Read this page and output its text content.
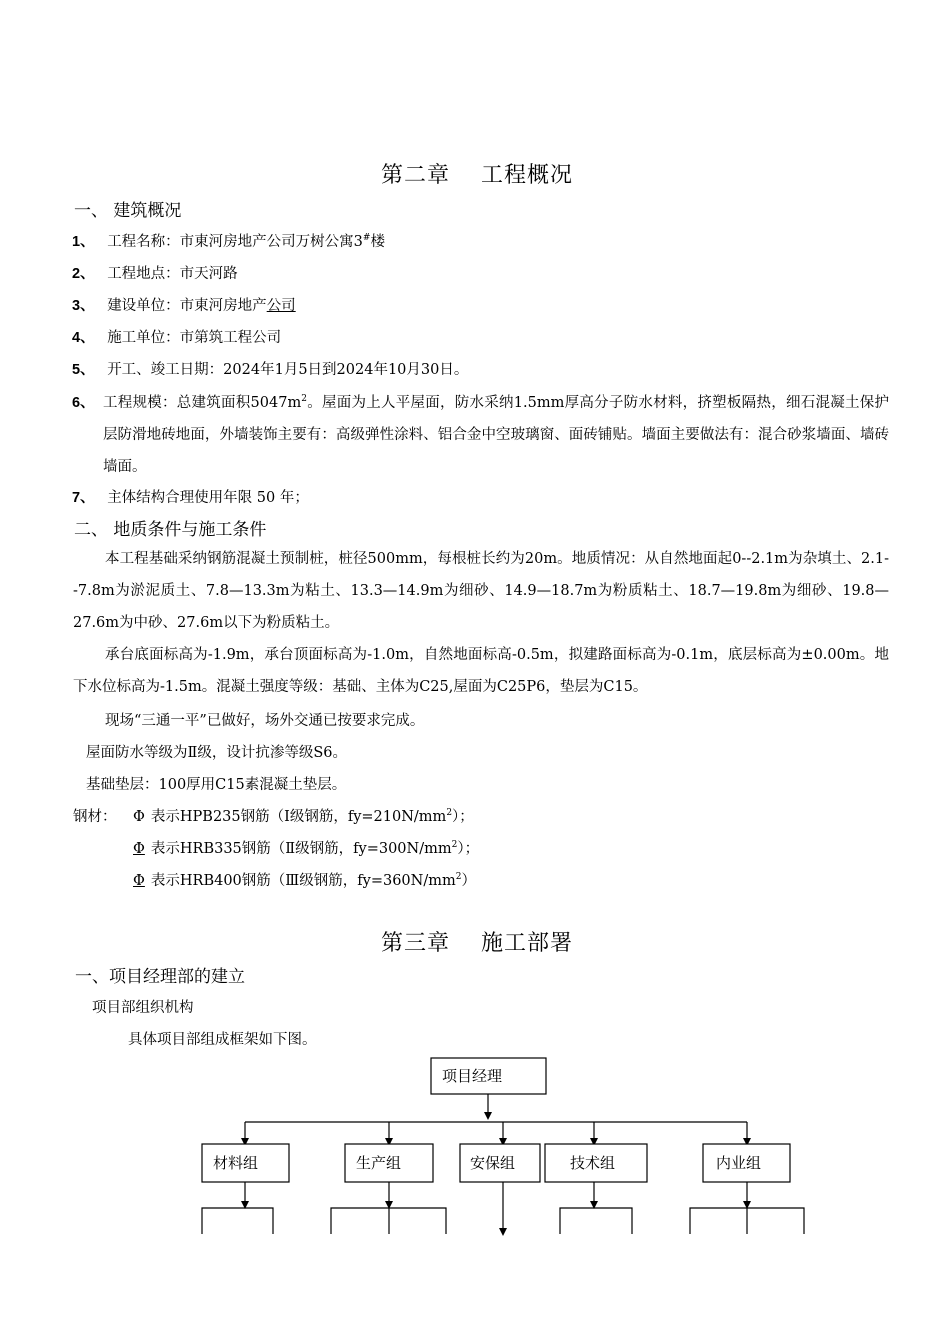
第二章　 工程概况
一、 建筑概况
1、 工程名称：市東河房地产公司万树公寓3#楼
2、 工程地点：市天河路
3、 建设单位：市東河房地产公司
4、 施工单位：市第筑工程公司
5、 开工、竣工日期：2024年1月5日到2024年10月30日。
6、 工程规模：总建筑面积$5047m^2$。屋面为上人平屋面，防水采纳1.5mm厚高分子防水材料，挤塑板隔热，细石混凝土保护层防滑地砖地面，外墙装饰主要有：高级弹性涂料、铝合金中空玻璃窗、面砖铺贴。墙面主要做法有：混合砂浆墙面、墙砖墙面。
7、 主体结构合理使用年限 50 年；
二、 地质条件与施工条件
本工程基础采纳钢筋混凝土预制桩，桩径500mm，每根桩长约为20m。地质情况：从自然地面起0--2.1m为杂填土、2.1--7.8m为淤泥质土、7.8—13.3m为粘土、13.3—14.9m为细砂、14.9—18.7m为粉质粘土、18.7—19.8m为细砂、19.8—27.6m为中砂、27.6m以下为粉质粘土。
承台底面标高为-1.9m，承台顶面标高为-1.0m，自然地面标高-0.5m，拟建路面标高为-0.1m，底层标高为±0.00m。地下水位标高为-1.5m。混凝土强度等级：基础、主体为C25,屋面为C25P6，垫层为C15。
现场“三通一平”已做好，场外交通已按要求完成。
屋面防水等级为Ⅱ级，设计抗渗等级S6。
基础垫层：100厚用C15素混凝土垫层。
钢材： Φ 表示HPB235钢筋（Ⅰ级钢筋，$fy=210N/mm^2$）；
Φ 表示HRB335钢筋（Ⅱ级钢筋，$fy=300N/mm^2$）；
Φ 表示HRB400钢筋（Ⅲ级钢筋，$fy=360N/mm^2$）
第三章　 施工部署
一、项目经理部的建立
项目部组织机构
具体项目部组成框架如下图。
项目经理
材料组	生产组	安保组	技术组	内业组
